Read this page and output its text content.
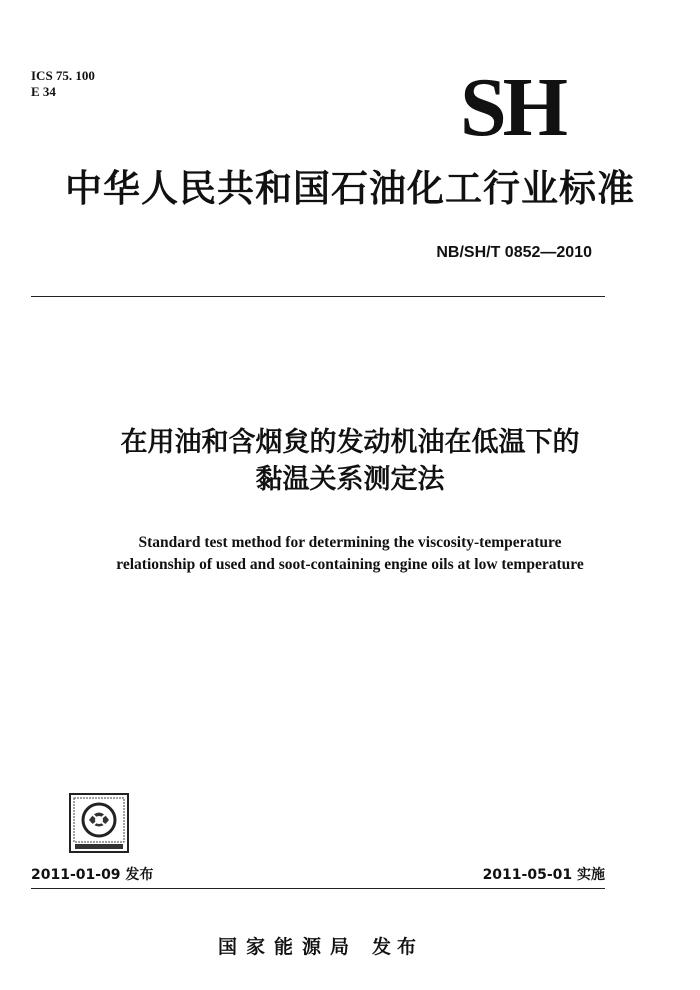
ICS 75. 100
E 34	SH
中华人民共和国石油化工行业标准
NB/SH/T 0852—2010
在用油和含烟炱的发动机油在低温下的
黏温关系测定法
Standard test method for determining the viscosity-temperature
relationship of used and soot-containing engine oils at low temperature
2011-01-09 发布	2011-05-01 实施
国家能源局 发布
